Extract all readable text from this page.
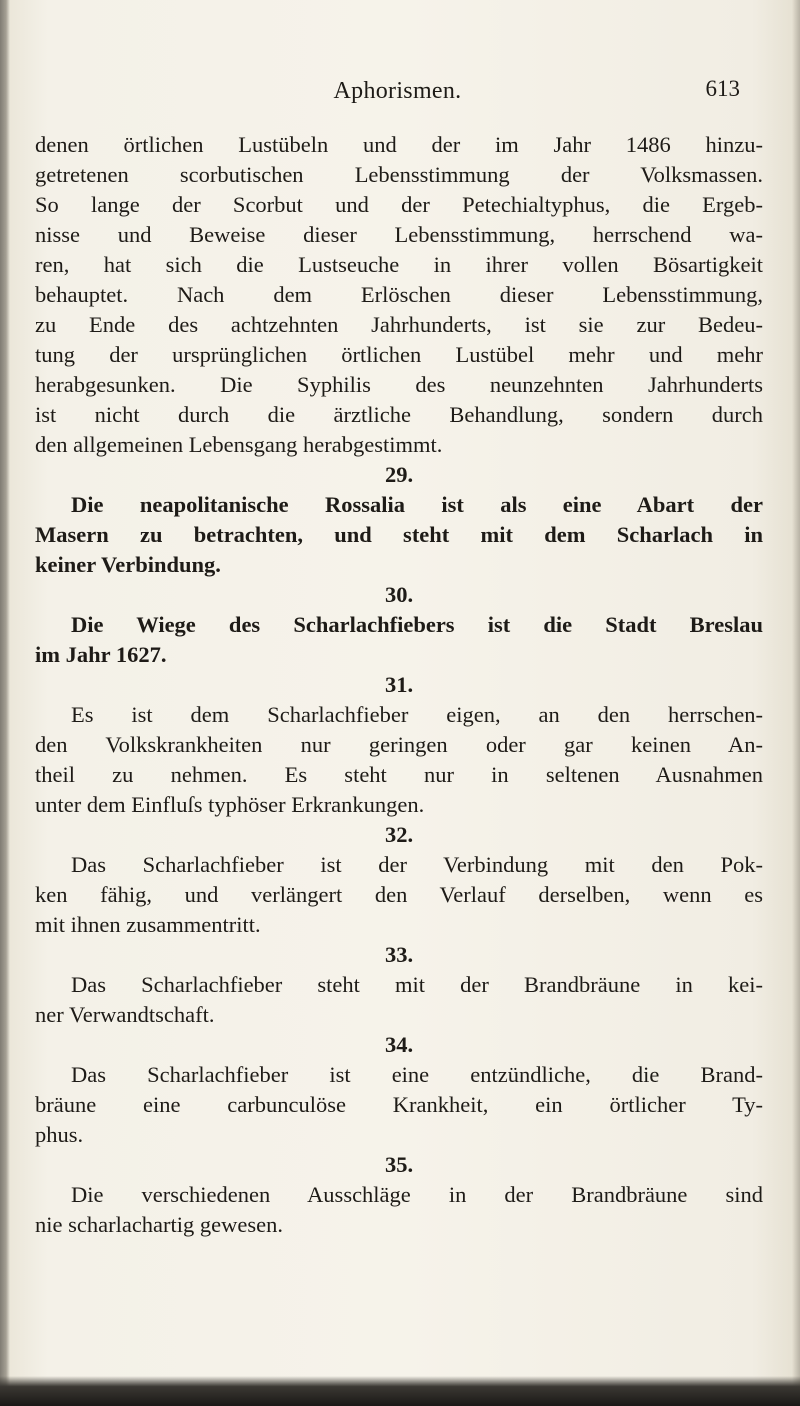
Aphorismen.	613
denen örtlichen Lustübeln und der im Jahr 1486 hinzu-
getretenen scorbutischen Lebensstimmung der Volksmassen.
So lange der Scorbut und der Petechialtyphus, die Ergeb-
nisse und Beweise dieser Lebensstimmung, herrschend wa-
ren, hat sich die Lustseuche in ihrer vollen Bösartigkeit
behauptet. Nach dem Erlöschen dieser Lebensstimmung,
zu Ende des achtzehnten Jahrhunderts, ist sie zur Bedeu-
tung der ursprünglichen örtlichen Lustübel mehr und mehr
herabgesunken. Die Syphilis des neunzehnten Jahrhunderts
ist nicht durch die ärztliche Behandlung, sondern durch
den allgemeinen Lebensgang herabgestimmt.
29.
Die neapolitanische Rossalia ist als eine Abart der
Masern zu betrachten, und steht mit dem Scharlach in
keiner Verbindung.
30.
Die Wiege des Scharlachfiebers ist die Stadt Breslau
im Jahr 1627.
31.
Es ist dem Scharlachfieber eigen, an den herrschen-
den Volkskrankheiten nur geringen oder gar keinen An-
theil zu nehmen. Es steht nur in seltenen Ausnahmen
unter dem Einfluſs typhöser Erkrankungen.
32.
Das Scharlachfieber ist der Verbindung mit den Pok-
ken fähig, und verlängert den Verlauf derselben, wenn es
mit ihnen zusammentritt.
33.
Das Scharlachfieber steht mit der Brandbräune in kei-
ner Verwandtschaft.
34.
Das Scharlachfieber ist eine entzündliche, die Brand-
bräune eine carbunculöse Krankheit, ein örtlicher Ty-
phus.
35.
Die verschiedenen Ausschläge in der Brandbräune sind
nie scharlachartig gewesen.
